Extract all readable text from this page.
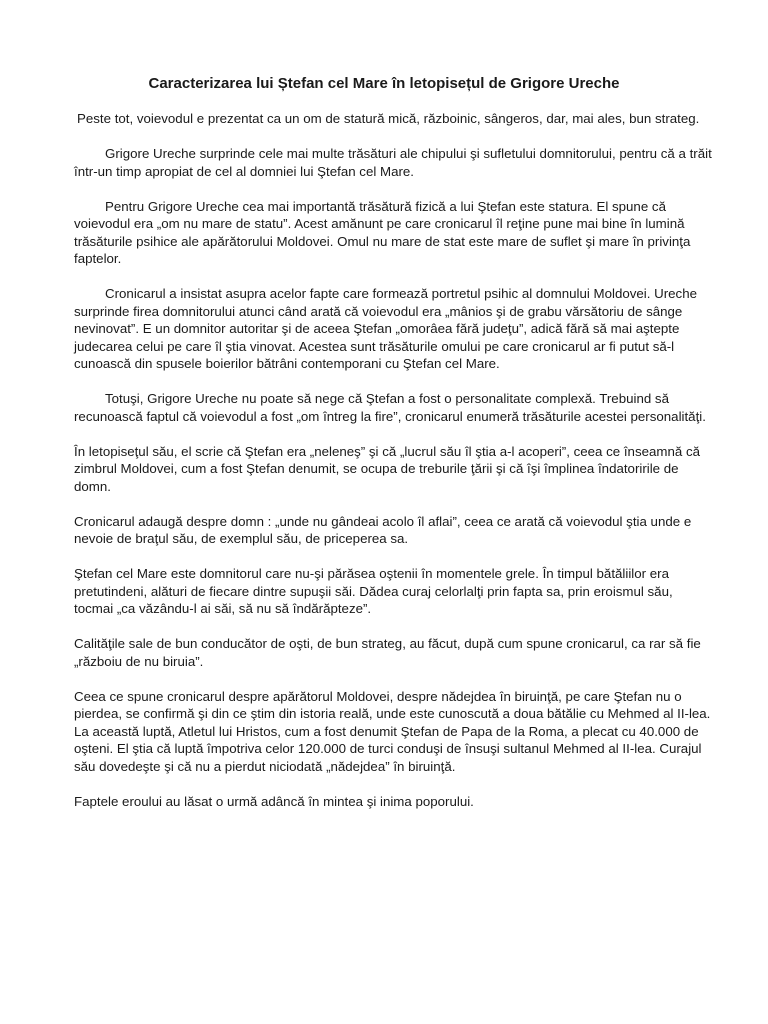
Caracterizarea lui Ștefan cel Mare în letopisețul de Grigore Ureche

Peste tot, voievodul e prezentat ca un om de statură mică, războinic, sângeros, dar, mai ales, bun strateg.

Grigore Ureche surprinde cele mai multe trăsături ale chipului şi sufletului domnitorului, pentru că a trăit într-un timp apropiat de cel al domniei lui Ştefan cel Mare.

Pentru Grigore Ureche cea mai importantă trăsătură fizică a lui Ştefan este statura. El spune că voievodul era „om nu mare de statu”. Acest amănunt pe care cronicarul îl reţine pune mai bine în lumină trăsăturile psihice ale apărătorului Moldovei. Omul nu mare de stat este mare de suflet şi mare în privinţa faptelor.

Cronicarul a insistat asupra acelor fapte care formează portretul psihic al domnului Moldovei. Ureche surprinde firea domnitorului atunci când arată că voievodul era „mânios şi de grabu vărsătoriu de sânge nevinovat”. E un domnitor autoritar şi de aceea Ştefan „omorâea fără judeţu”, adică fără să mai aştepte judecarea celui pe care îl ştia vinovat. Acestea sunt trăsăturile omului pe care cronicarul ar fi putut să-l cunoască din spusele boierilor bătrâni contemporani cu Ştefan cel Mare.

Totuşi, Grigore Ureche nu poate să nege că Ştefan a fost o personalitate complexă. Trebuind să recunoască faptul că voievodul a fost „om întreg la fire”, cronicarul enumeră trăsăturile acestei personalităţi.

În letopiseţul său, el scrie că Ştefan era „neleneş” şi că „lucrul său îl ştia a-l acoperi”, ceea ce înseamnă că zimbrul Moldovei, cum a fost Ştefan denumit, se ocupa de treburile ţării şi că îşi împlinea îndatoririle de domn.

Cronicarul adaugă despre domn : „unde nu gândeai acolo îl aflai”, ceea ce arată că voievodul ştia unde e nevoie de braţul său, de exemplul său, de priceperea sa.

Ştefan cel Mare este domnitorul care nu-şi părăsea oştenii în momentele grele. În timpul bătăliilor era pretutindeni, alături de fiecare dintre supuşii săi. Dădea curaj celorlalţi prin fapta sa, prin eroismul său, tocmai „ca văzându-l ai săi, să nu să îndărăpteze”.

Calităţile sale de bun conducător de oşti, de bun strateg, au făcut, după cum spune cronicarul, ca rar să fie „războiu de nu biruia”.

Ceea ce spune cronicarul despre apărătorul Moldovei, despre nădejdea în biruinţă, pe care Ştefan nu o pierdea, se confirmă şi din ce ştim din istoria reală, unde este cunoscută a doua bătălie cu Mehmed al II-lea. La această luptă, Atletul lui Hristos, cum a fost denumit Ştefan de Papa de la Roma, a plecat cu 40.000 de oşteni. El ştia că luptă împotriva celor 120.000 de turci conduşi de însuşi sultanul Mehmed al II-lea. Curajul său dovedeşte şi că nu a pierdut niciodată „nădejdea” în biruinţă.

Faptele eroului au lăsat o urmă adâncă în mintea şi inima poporului.
